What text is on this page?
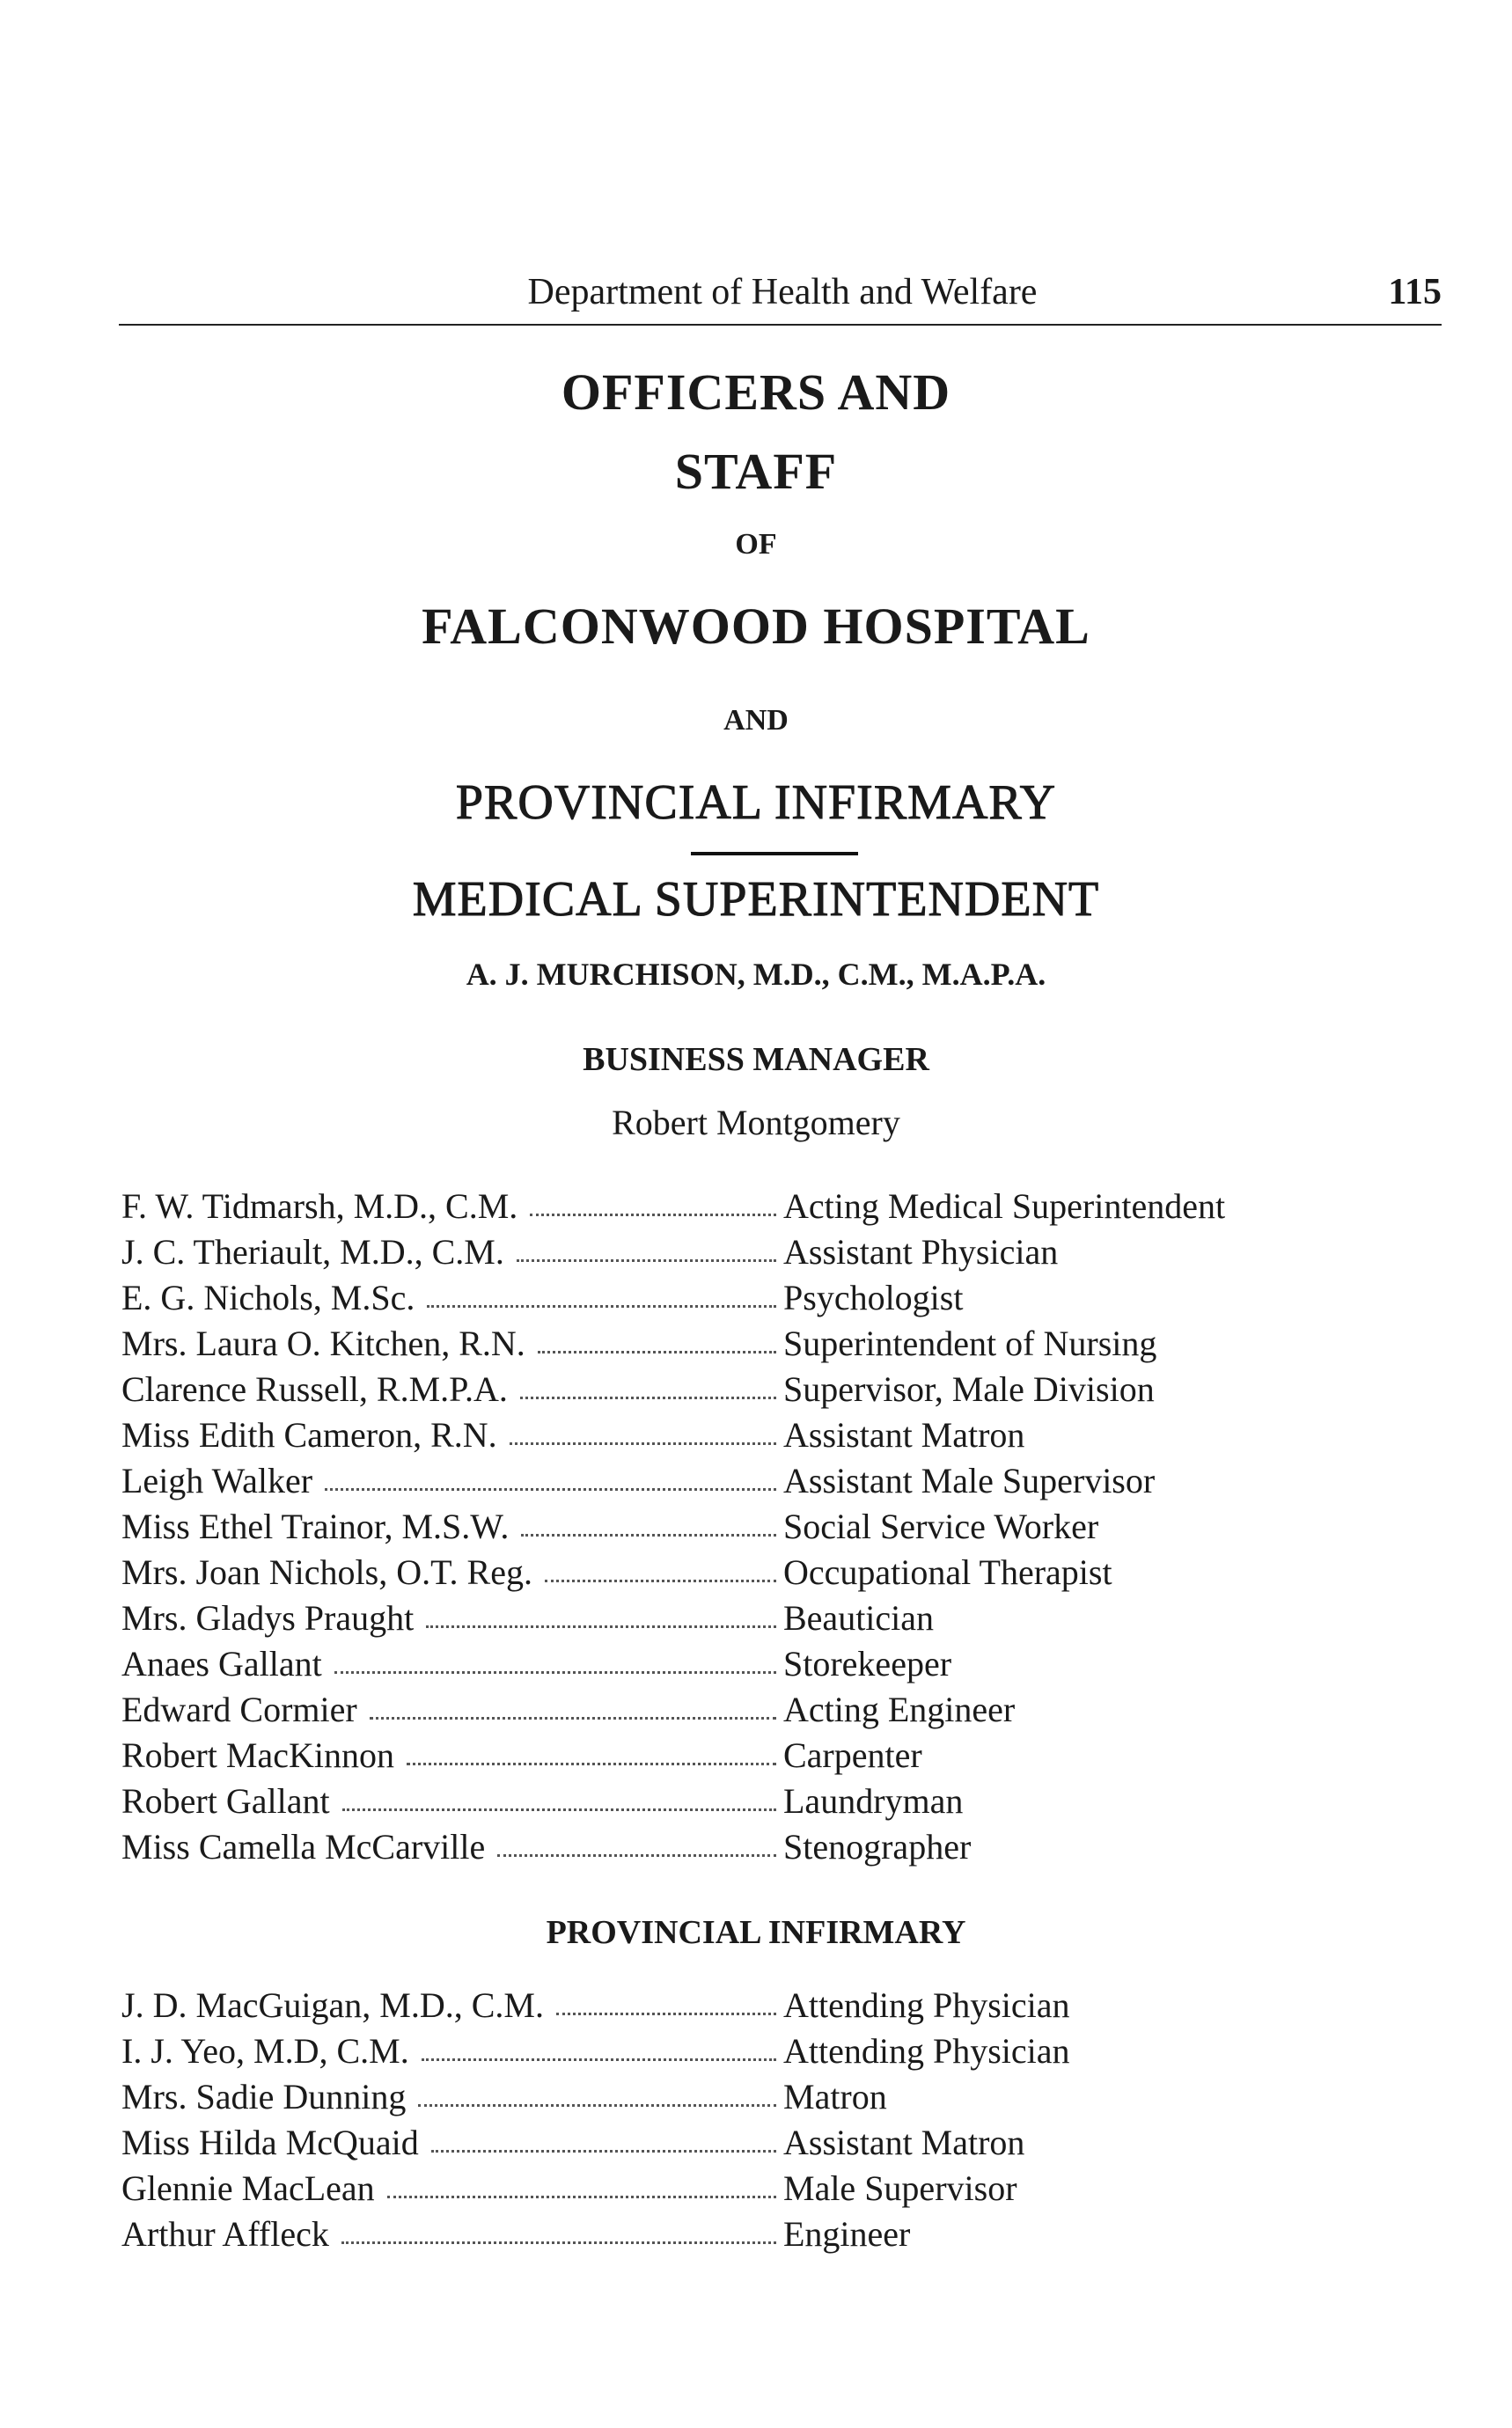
Department of Health and Welfare	115
OFFICERS AND
STAFF
OF
FALCONWOOD HOSPITAL
AND
PROVINCIAL INFIRMARY
MEDICAL SUPERINTENDENT
A. J. MURCHISON, M.D., C.M., M.A.P.A.
BUSINESS MANAGER
Robert Montgomery
F. W. Tidmarsh, M.D., C.M.	Acting Medical Superintendent
J. C. Theriault, M.D., C.M.	Assistant Physician
E. G. Nichols, M.Sc.	Psychologist
Mrs. Laura O. Kitchen, R.N.	Superintendent of Nursing
Clarence Russell, R.M.P.A.	Supervisor, Male Division
Miss Edith Cameron, R.N.	Assistant Matron
Leigh Walker	Assistant Male Supervisor
Miss Ethel Trainor, M.S.W.	Social Service Worker
Mrs. Joan Nichols, O.T. Reg.	Occupational Therapist
Mrs. Gladys Praught	Beautician
Anaes Gallant	Storekeeper
Edward Cormier	Acting Engineer
Robert MacKinnon	Carpenter
Robert Gallant	Laundryman
Miss Camella McCarville	Stenographer
PROVINCIAL INFIRMARY
J. D. MacGuigan, M.D., C.M.	Attending Physician
I. J. Yeo, M.D, C.M.	Attending Physician
Mrs. Sadie Dunning	Matron
Miss Hilda McQuaid	Assistant Matron
Glennie MacLean	Male Supervisor
Arthur Affleck	Engineer
